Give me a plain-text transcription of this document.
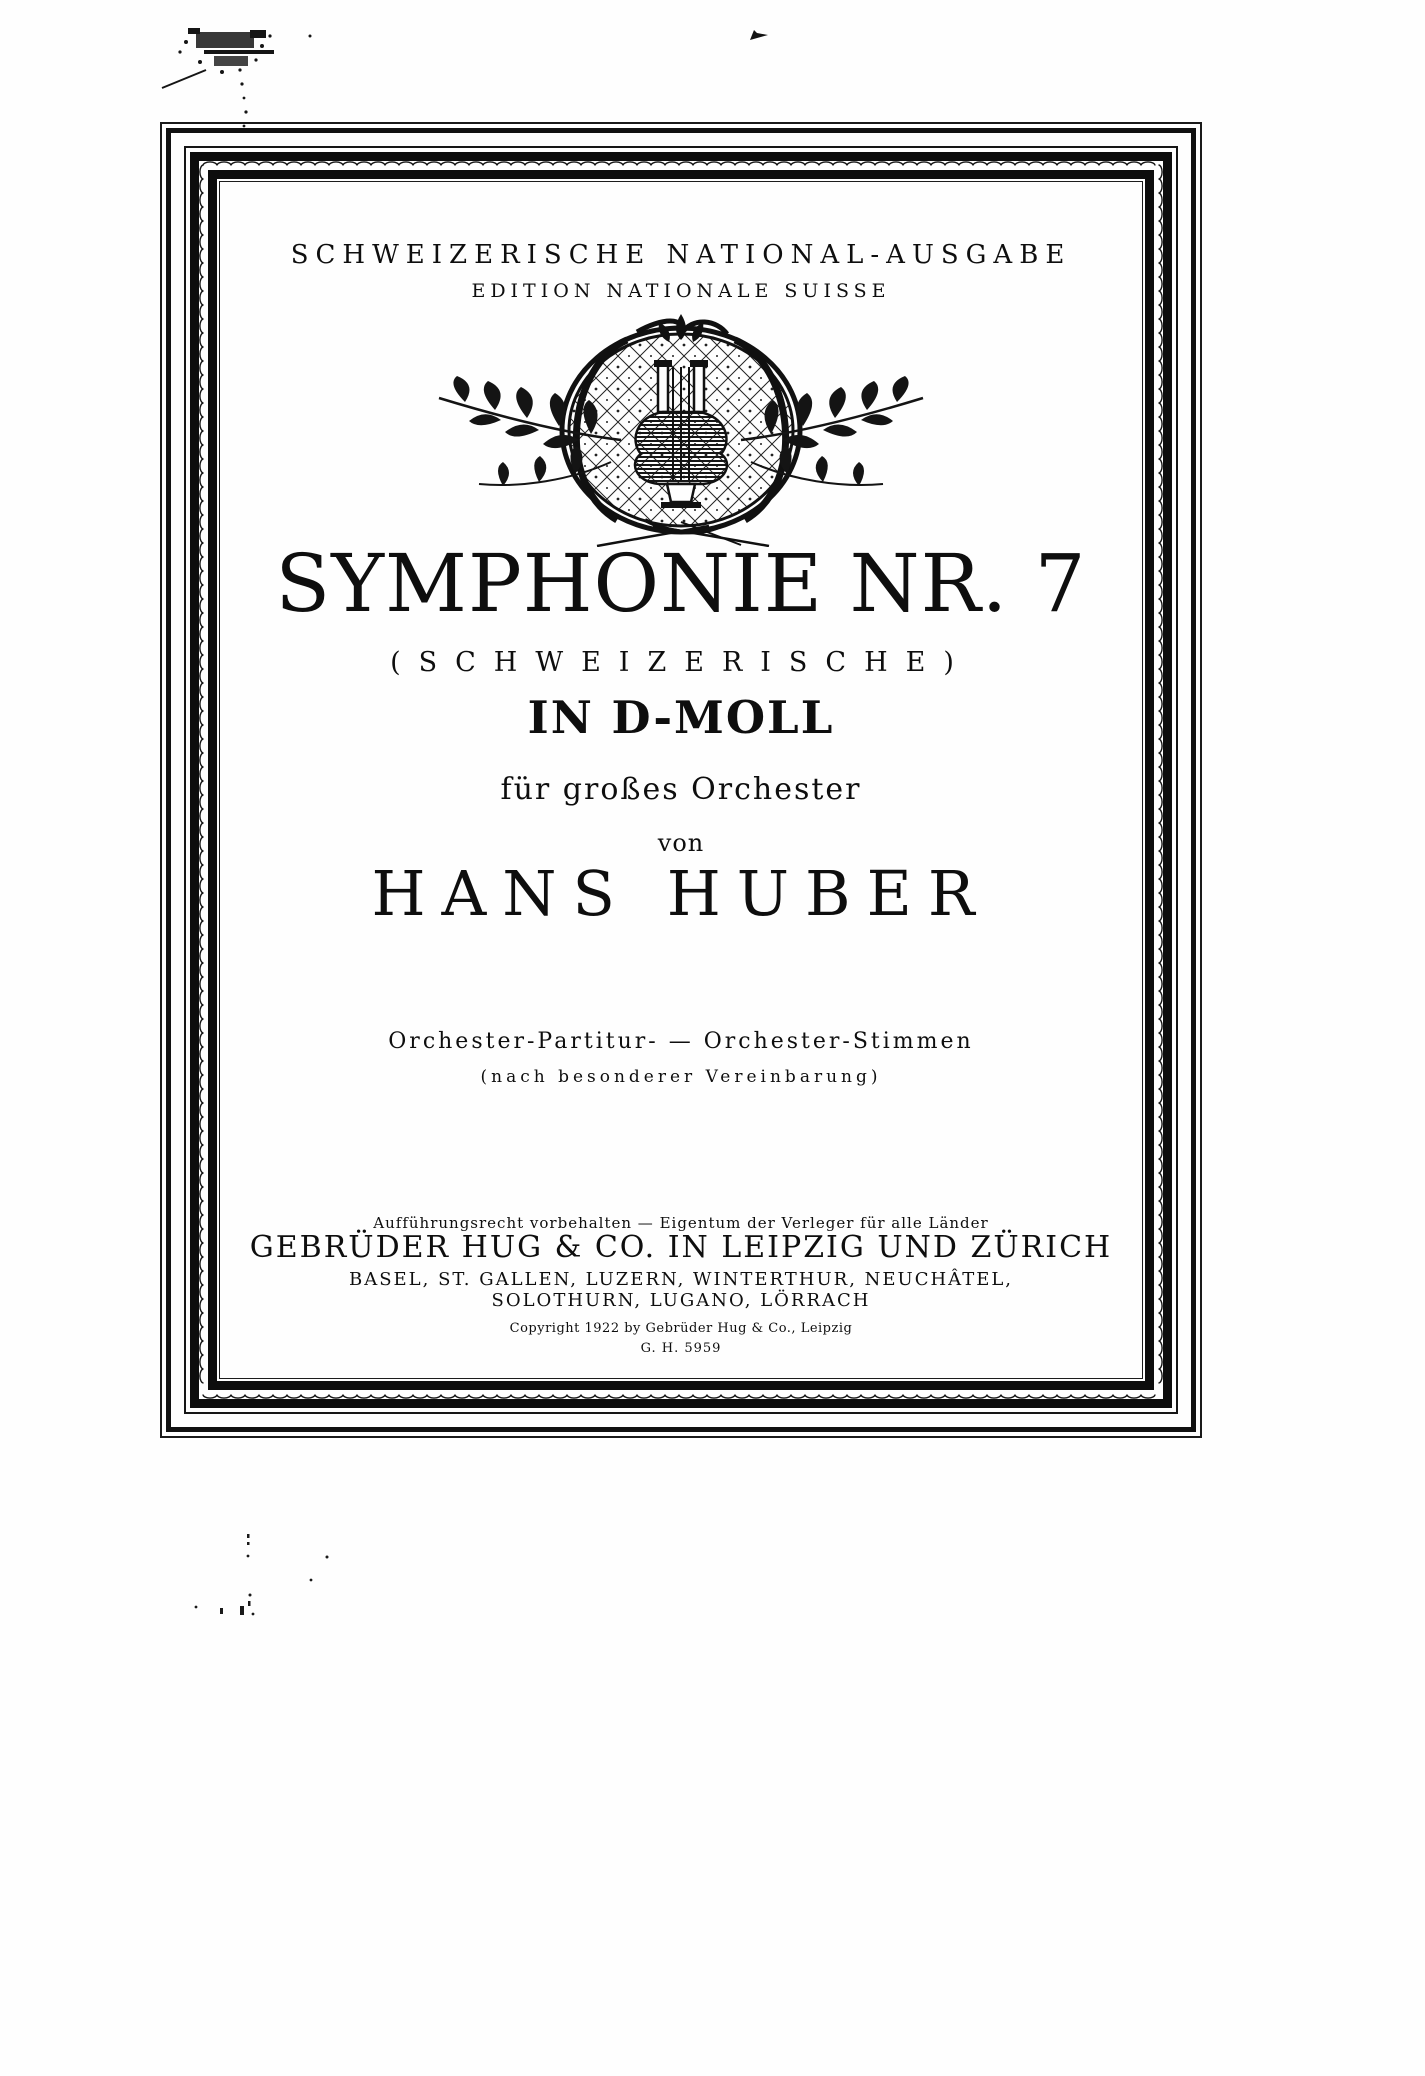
SCHWEIZERISCHE NATIONAL-AUSGABE
EDITION NATIONALE SUISSE
SYMPHONIE NR. 7
(SCHWEIZERISCHE)
IN D-MOLL
für großes Orchester
von
HANS HUBER
Orchester-Partitur- — Orchester-Stimmen
(nach besonderer Vereinbarung)
Aufführungsrecht vorbehalten — Eigentum der Verleger für alle Länder
GEBRÜDER HUG & CO. IN LEIPZIG UND ZÜRICH
BASEL, ST. GALLEN, LUZERN, WINTERTHUR, NEUCHÂTEL,
SOLOTHURN, LUGANO, LÖRRACH
Copyright 1922 by Gebrüder Hug & Co., Leipzig
G. H. 5959
